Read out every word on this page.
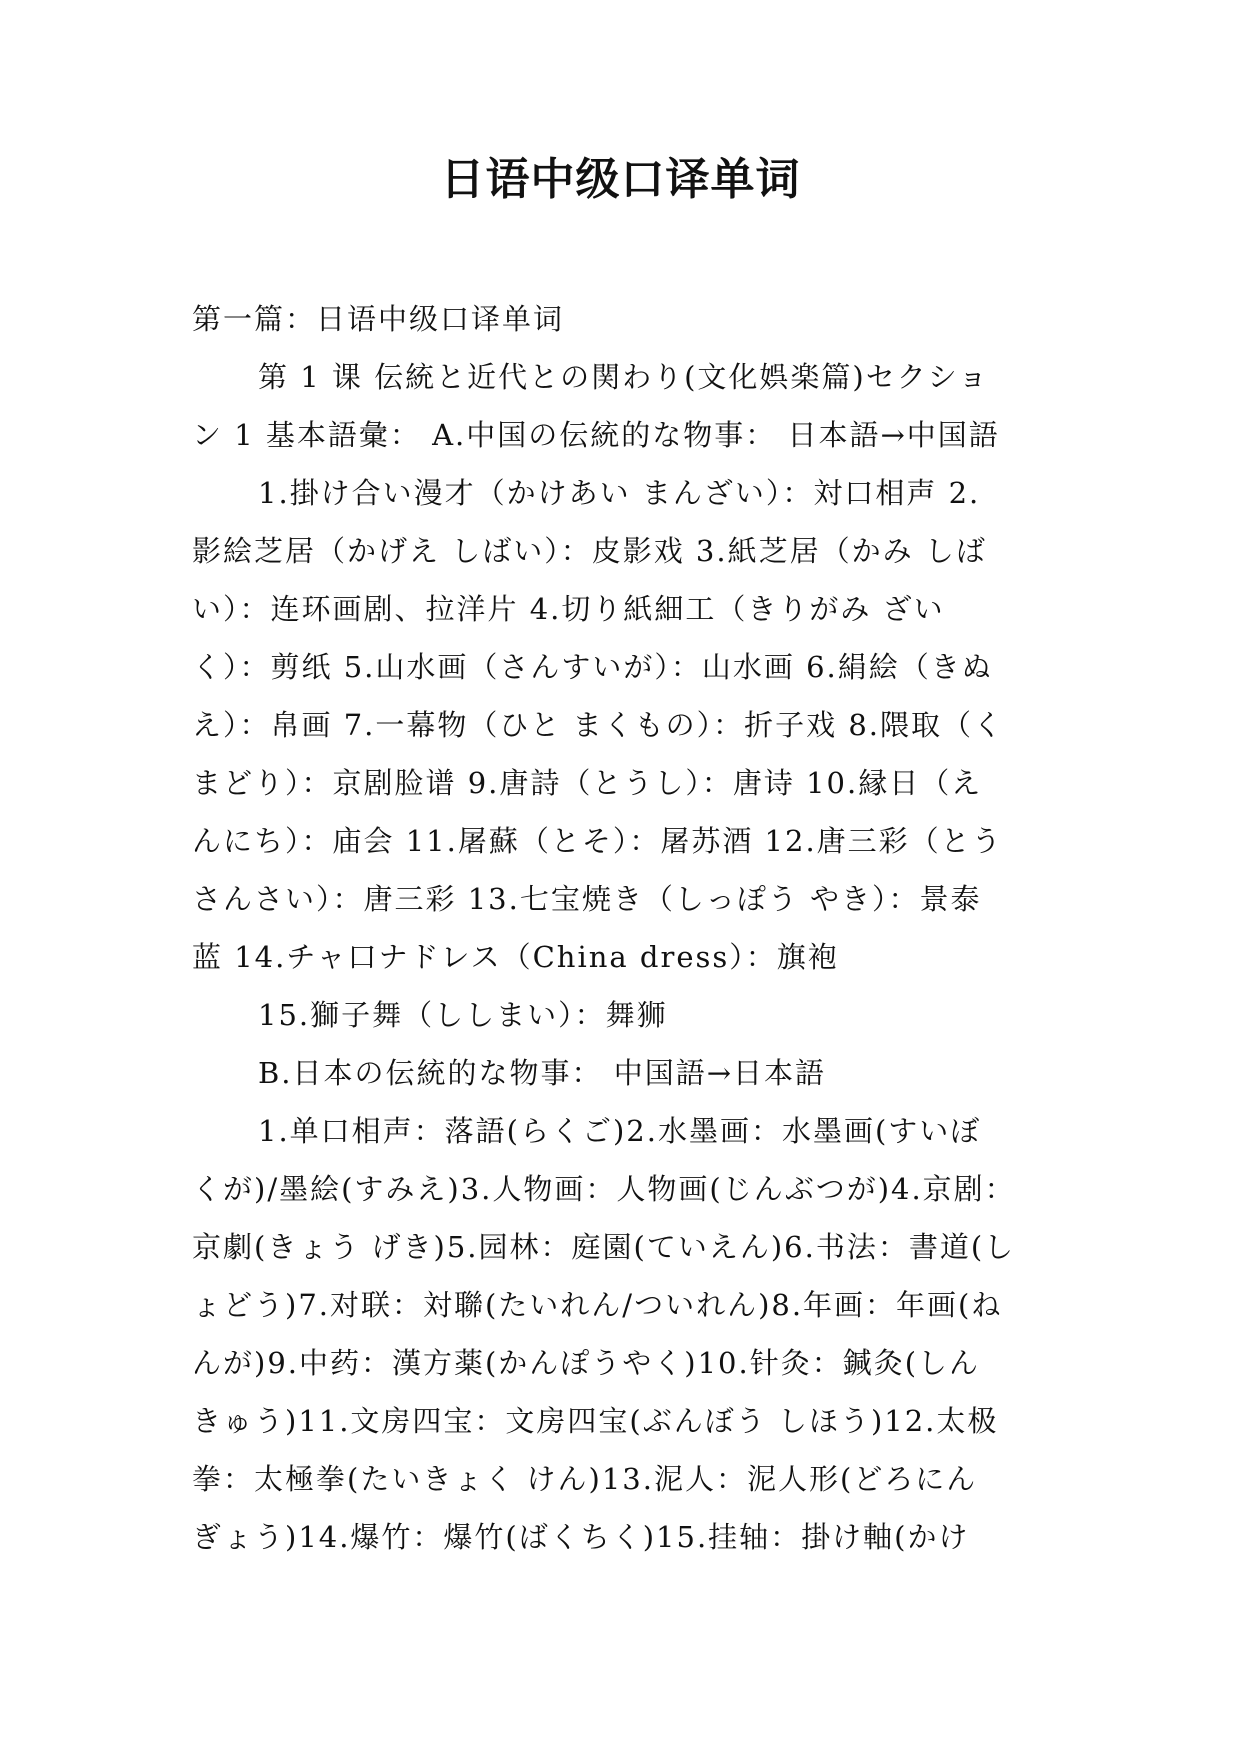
日语中级口译单词
第一篇：日语中级口译单词
第 1 课 伝統と近代との関わり(文化娯楽篇)セクショ
ン 1 基本語彙： A.中国の伝統的な物事： 日本語→中国語
1.掛け合い漫才（かけあい まんざい）：対口相声 2.
影絵芝居（かげえ しばい）：皮影戏 3.紙芝居（かみ しば
い）：连环画剧、拉洋片 4.切り紙細工（きりがみ ざい
く）：剪纸 5.山水画（さんすいが）：山水画 6.絹絵（きぬ
え）：帛画 7.一幕物（ひと まくもの）：折子戏 8.隈取（く
まどり）：京剧脸谱 9.唐詩（とうし）：唐诗 10.縁日（え
んにち）：庙会 11.屠蘇（とそ）：屠苏酒 12.唐三彩（とう
さんさい）：唐三彩 13.七宝焼き（しっぽう やき）：景泰
蓝 14.チャ口ナドレス（China dress）：旗袍
15.獅子舞（ししまい）：舞狮
B.日本の伝統的な物事： 中国語→日本語
1.单口相声：落語(らくご)2.水墨画：水墨画(すいぼ
くが)/墨絵(すみえ)3.人物画：人物画(じんぶつが)4.京剧：
京劇(きょう げき)5.园林：庭園(ていえん)6.书法：書道(し
ょどう)7.对联：対聯(たいれん/ついれん)8.年画：年画(ね
んが)9.中药：漢方薬(かんぽうやく)10.针灸：鍼灸(しん
きゅう)11.文房四宝：文房四宝(ぶんぼう しほう)12.太极
拳：太極拳(たいきょく けん)13.泥人：泥人形(どろにん
ぎょう)14.爆竹：爆竹(ばくちく)15.挂轴：掛け軸(かけ
